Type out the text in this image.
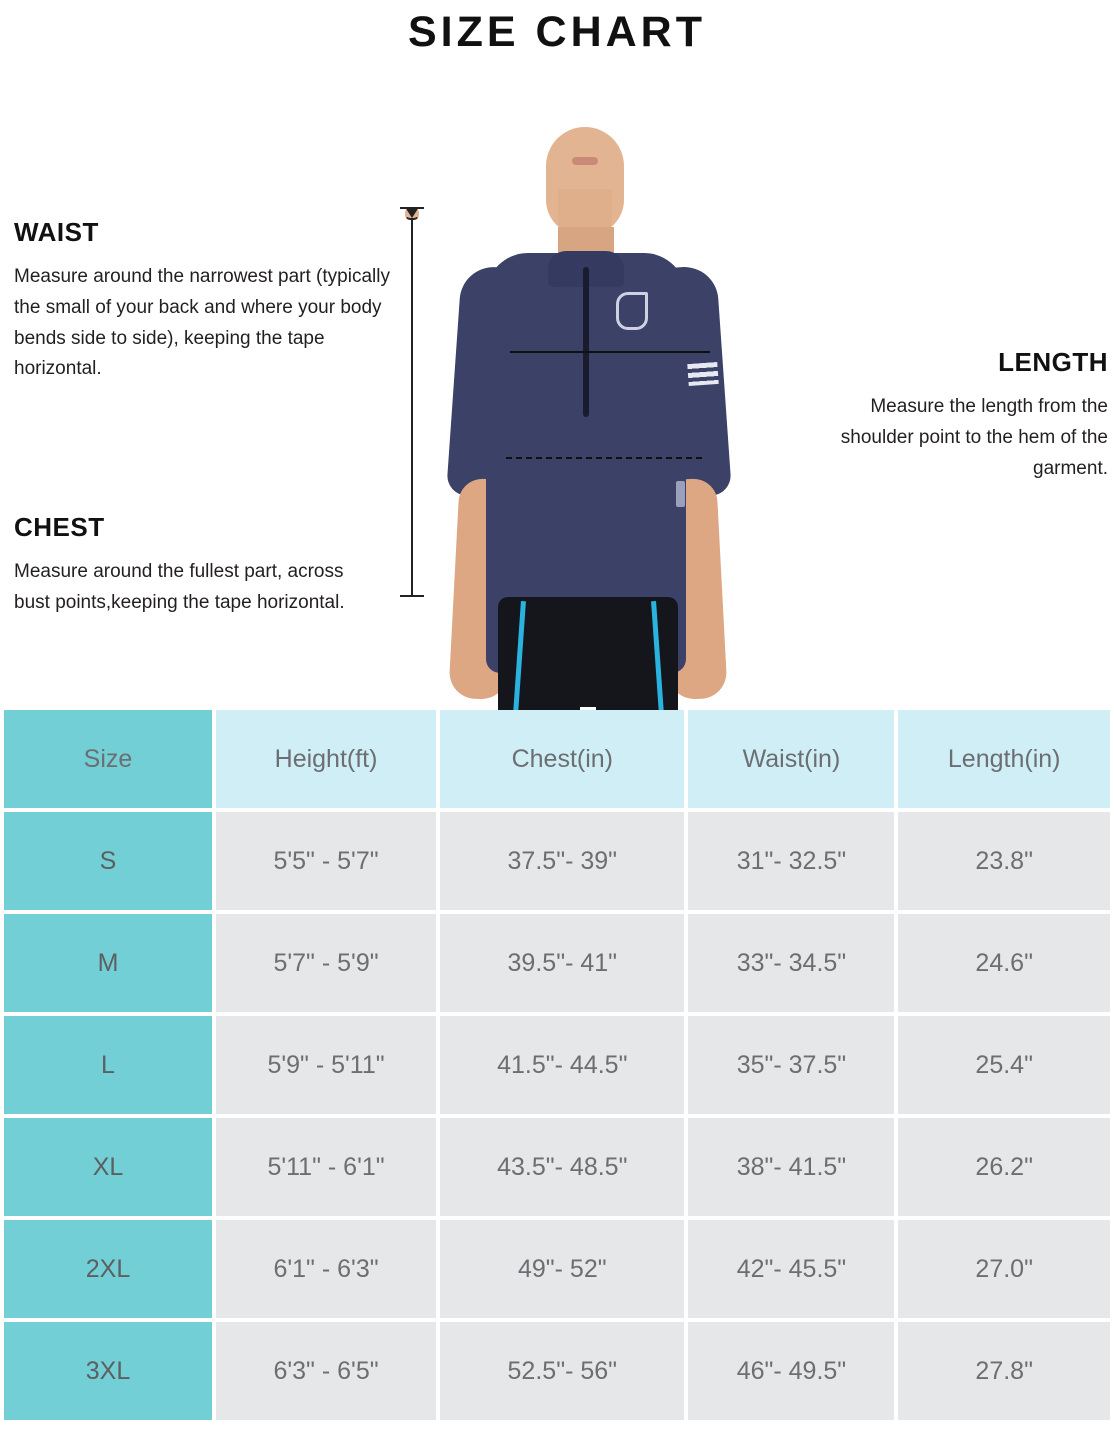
SIZE CHART
WAIST

Measure around the narrowest part (typically the small of your back and where your body bends side to side), keeping the tape horizontal.

CHEST

Measure around the fullest part, across bust points,keeping the tape horizontal.

LENGTH

Measure the length from the shoulder point to the hem of the garment.

Size	Height(ft)	Chest(in)	Waist(in)	Length(in)
S	5'5" - 5'7"	37.5"- 39"	31"- 32.5"	23.8"
M	5'7" - 5'9"	39.5"- 41"	33"- 34.5"	24.6"
L	5'9" - 5'11"	41.5"- 44.5"	35"- 37.5"	25.4"
XL	5'11" - 6'1"	43.5"- 48.5"	38"- 41.5"	26.2"
2XL	6'1" - 6'3"	49"- 52"	42"- 45.5"	27.0"
3XL	6'3" - 6'5"	52.5"- 56"	46"- 49.5"	27.8"
